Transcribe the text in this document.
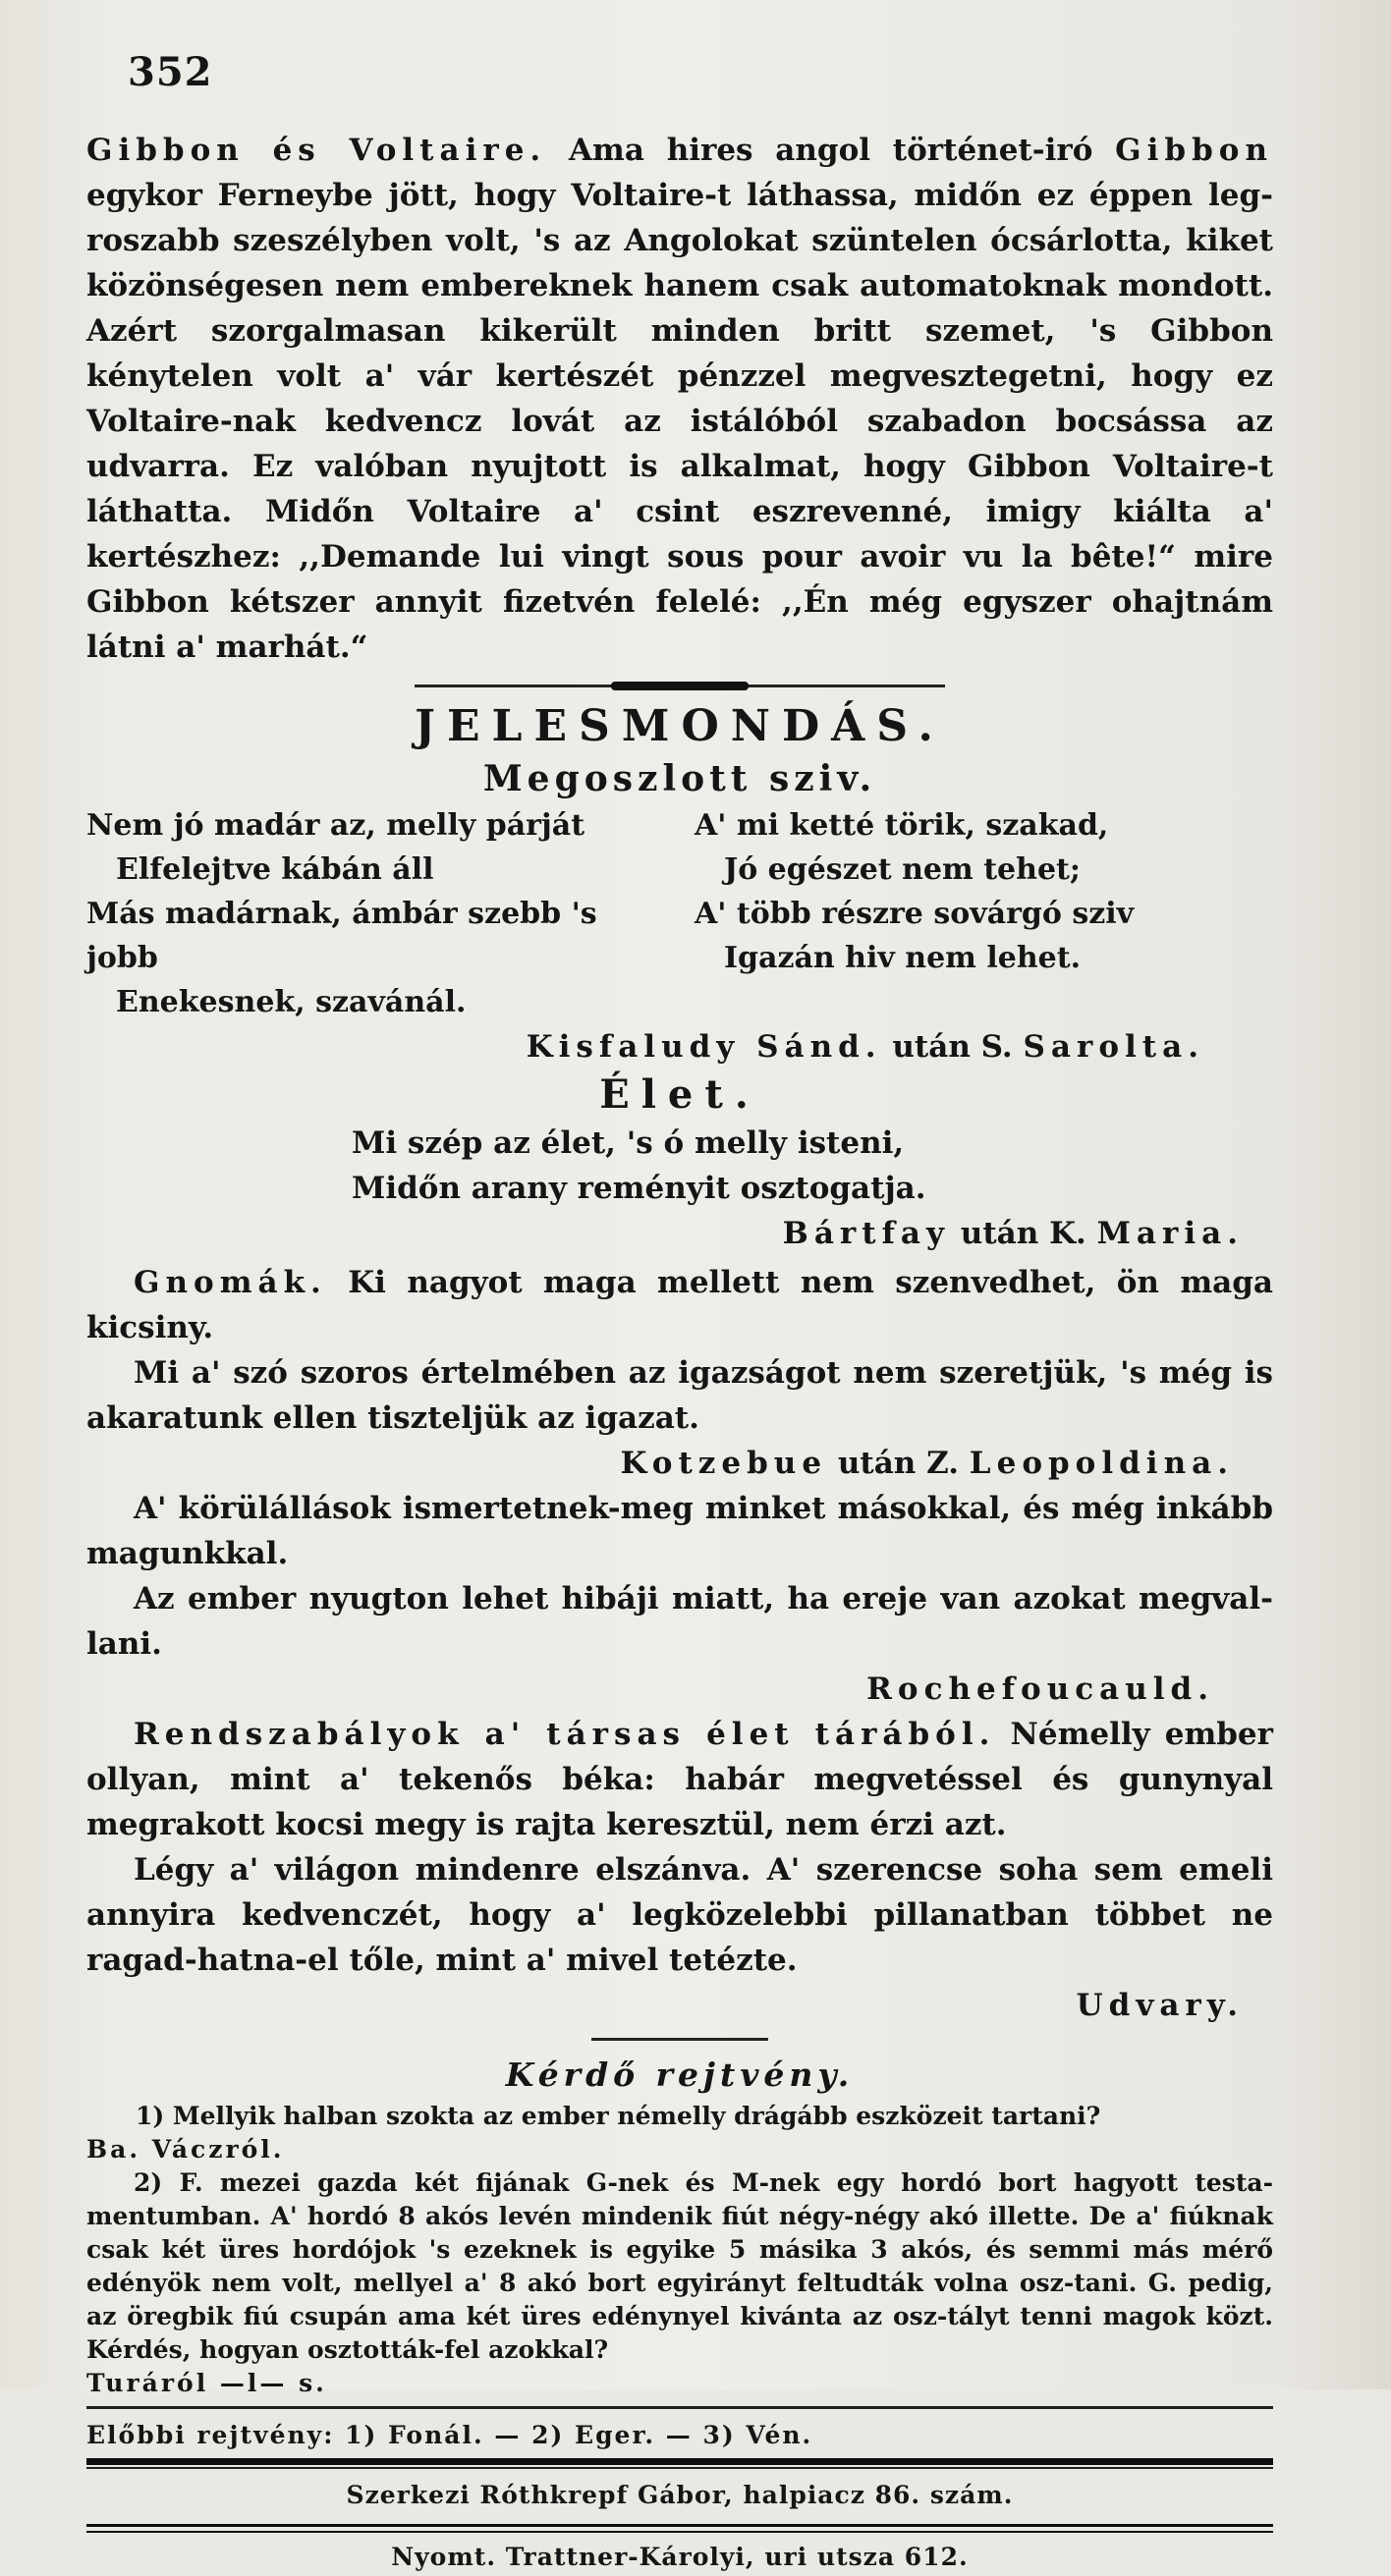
352

Gibbon és Voltaire. Ama hires angol történet-iró Gibbon egykor Ferneybe jött, hogy Voltaire-t láthassa, midőn ez éppen leg-roszabb szeszélyben volt, 's az Angolokat szüntelen ócsárlotta, kiket közönségesen nem embereknek hanem csak automatoknak mondott. Azért szorgalmasan kikerült minden britt szemet, 's Gibbon kénytelen volt a' vár kertészét pénzzel megvesztegetni, hogy ez Voltaire-nak kedvencz lovát az istálóból szabadon bocsássa az udvarra. Ez valóban nyujtott is alkalmat, hogy Gibbon Voltaire-t láthatta. Midőn Voltaire a' csint eszrevenné, imigy kiálta a' kertészhez: ,,Demande lui vingt sous pour avoir vu la bête!“ mire Gibbon kétszer annyit fizetvén felelé: ,,Én még egyszer ohajtnám látni a' marhát.“

JELESMONDÁS.
Megoszlott sziv.

Nem jó madár az, melly párját

Elfelejtve kábán áll

Más madárnak, ámbár szebb 's jobb

Enekesnek, szavánál.

A' mi ketté törik, szakad,

Jó egészet nem tehet;

A' több részre sovárgó sziv

Igazán hiv nem lehet.

Kisfaludy Sánd. után S. Sarolta.

Élet.

Mi szép az élet, 's ó melly isteni,

Midőn arany reményit osztogatja.

Bártfay után K. Maria.

Gnomák. Ki nagyot maga mellett nem szenvedhet, ön maga kicsiny.

Mi a' szó szoros értelmében az igazságot nem szeretjük, 's még is akaratunk ellen tiszteljük az igazat.

Kotzebue után Z. Leopoldina.

A' körülállások ismertetnek-meg minket másokkal, és még inkább magunkkal.

Az ember nyugton lehet hibáji miatt, ha ereje van azokat megval-lani.

Rochefoucauld.

Rendszabályok a' társas élet tárából. Némelly ember ollyan, mint a' tekenős béka: habár megvetéssel és gunynyal megrakott kocsi megy is rajta keresztül, nem érzi azt.

Légy a' világon mindenre elszánva. A' szerencse soha sem emeli annyira kedvenczét, hogy a' legközelebbi pillanatban többet ne ragad-hatna-el tőle, mint a' mivel tetézte.

Udvary.

Kérdő rejtvény.

1) Mellyik halban szokta az ember némelly drágább eszközeit tartani?

Ba. Váczról.

2) F. mezei gazda két fijának G-nek és M-nek egy hordó bort hagyott testa-mentumban. A' hordó 8 akós levén mindenik fiút négy-négy akó illette. De a' fiúknak csak két üres hordójok 's ezeknek is egyike 5 másika 3 akós, és semmi más mérő edényök nem volt, mellyel a' 8 akó bort egyirányt feltudták volna osz-tani. G. pedig, az öregbik fiú csupán ama két üres edénynyel kivánta az osz-tályt tenni magok közt. Kérdés, hogyan osztották-fel azokkal?

Turáról —l— s.

Előbbi rejtvény: 1) Fonál. — 2) Eger. — 3) Vén.

Szerkezi Róthkrepf Gábor, halpiacz 86. szám.

Nyomt. Trattner-Károlyi, uri utsza 612.
